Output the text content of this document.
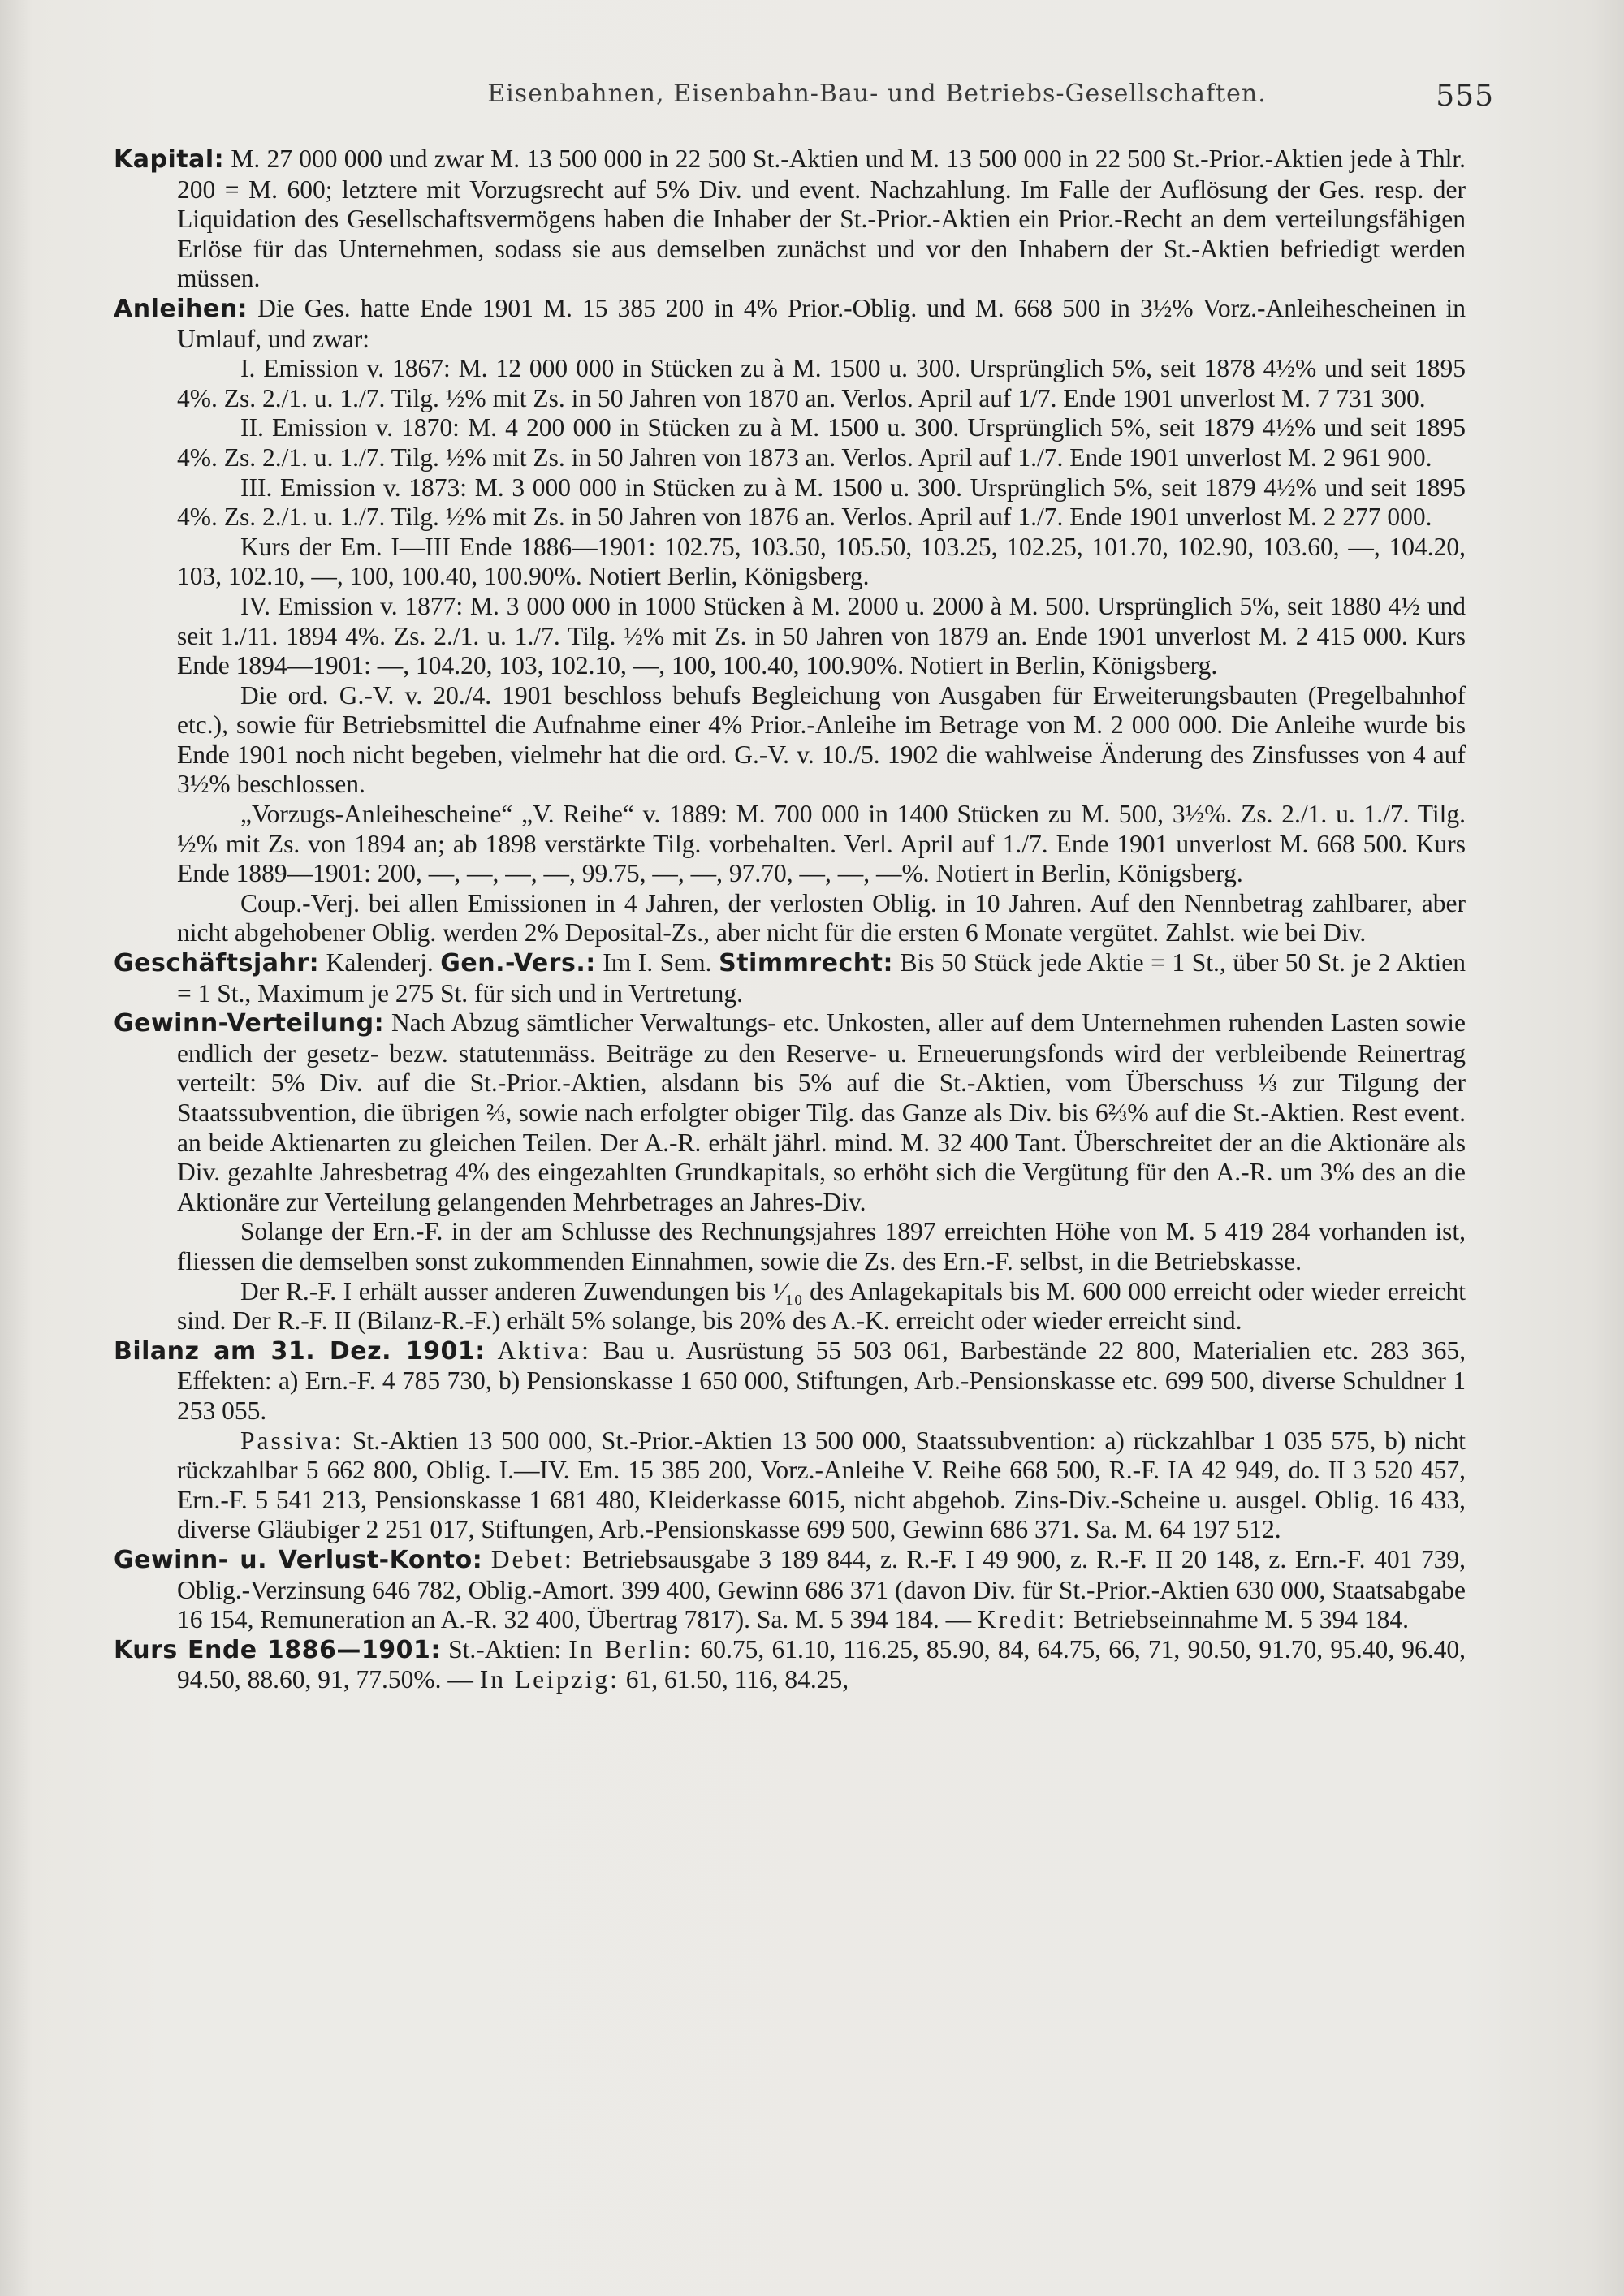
Eisenbahnen, Eisenbahn-Bau- und Betriebs-Gesellschaften.	555
Kapital: M. 27 000 000 und zwar M. 13 500 000 in 22 500 St.-Aktien und M. 13 500 000 in 22 500 St.-Prior.-Aktien jede à Thlr. 200 = M. 600; letztere mit Vorzugsrecht auf 5% Div. und event. Nachzahlung. Im Falle der Auflösung der Ges. resp. der Liquidation des Gesellschaftsvermögens haben die Inhaber der St.-Prior.-Aktien ein Prior.-Recht an dem verteilungsfähigen Erlöse für das Unternehmen, sodass sie aus demselben zunächst und vor den Inhabern der St.-Aktien befriedigt werden müssen.
Anleihen: Die Ges. hatte Ende 1901 M. 15 385 200 in 4% Prior.-Oblig. und M. 668 500 in 3½% Vorz.-Anleihescheinen in Umlauf, und zwar:

I. Emission v. 1867: M. 12 000 000 in Stücken zu à M. 1500 u. 300. Ursprünglich 5%, seit 1878 4½% und seit 1895 4%. Zs. 2./1. u. 1./7. Tilg. ½% mit Zs. in 50 Jahren von 1870 an. Verlos. April auf 1/7. Ende 1901 unverlost M. 7 731 300.

II. Emission v. 1870: M. 4 200 000 in Stücken zu à M. 1500 u. 300. Ursprünglich 5%, seit 1879 4½% und seit 1895 4%. Zs. 2./1. u. 1./7. Tilg. ½% mit Zs. in 50 Jahren von 1873 an. Verlos. April auf 1./7. Ende 1901 unverlost M. 2 961 900.

III. Emission v. 1873: M. 3 000 000 in Stücken zu à M. 1500 u. 300. Ursprünglich 5%, seit 1879 4½% und seit 1895 4%. Zs. 2./1. u. 1./7. Tilg. ½% mit Zs. in 50 Jahren von 1876 an. Verlos. April auf 1./7. Ende 1901 unverlost M. 2 277 000.

Kurs der Em. I—III Ende 1886—1901: 102.75, 103.50, 105.50, 103.25, 102.25, 101.70, 102.90, 103.60, —, 104.20, 103, 102.10, —, 100, 100.40, 100.90%. Notiert Berlin, Königsberg.

IV. Emission v. 1877: M. 3 000 000 in 1000 Stücken à M. 2000 u. 2000 à M. 500. Ursprünglich 5%, seit 1880 4½ und seit 1./11. 1894 4%. Zs. 2./1. u. 1./7. Tilg. ½% mit Zs. in 50 Jahren von 1879 an. Ende 1901 unverlost M. 2 415 000. Kurs Ende 1894—1901: —, 104.20, 103, 102.10, —, 100, 100.40, 100.90%. Notiert in Berlin, Königsberg.

Die ord. G.-V. v. 20./4. 1901 beschloss behufs Begleichung von Ausgaben für Erweiterungsbauten (Pregelbahnhof etc.), sowie für Betriebsmittel die Aufnahme einer 4% Prior.-Anleihe im Betrage von M. 2 000 000. Die Anleihe wurde bis Ende 1901 noch nicht begeben, vielmehr hat die ord. G.-V. v. 10./5. 1902 die wahlweise Änderung des Zinsfusses von 4 auf 3½% beschlossen.

„Vorzugs-Anleihescheine“ „V. Reihe“ v. 1889: M. 700 000 in 1400 Stücken zu M. 500, 3½%. Zs. 2./1. u. 1./7. Tilg. ½% mit Zs. von 1894 an; ab 1898 verstärkte Tilg. vorbehalten. Verl. April auf 1./7. Ende 1901 unverlost M. 668 500. Kurs Ende 1889—1901: 200, —, —, —, —, 99.75, —, —, 97.70, —, —, —%. Notiert in Berlin, Königsberg.

Coup.-Verj. bei allen Emissionen in 4 Jahren, der verlosten Oblig. in 10 Jahren. Auf den Nennbetrag zahlbarer, aber nicht abgehobener Oblig. werden 2% Deposital-Zs., aber nicht für die ersten 6 Monate vergütet. Zahlst. wie bei Div.

Geschäftsjahr: Kalenderj. Gen.-Vers.: Im I. Sem. Stimmrecht: Bis 50 Stück jede Aktie = 1 St., über 50 St. je 2 Aktien = 1 St., Maximum je 275 St. für sich und in Vertretung.
Gewinn-Verteilung: Nach Abzug sämtlicher Verwaltungs- etc. Unkosten, aller auf dem Unternehmen ruhenden Lasten sowie endlich der gesetz- bezw. statutenmäss. Beiträge zu den Reserve- u. Erneuerungsfonds wird der verbleibende Reinertrag verteilt: 5% Div. auf die St.-Prior.-Aktien, alsdann bis 5% auf die St.-Aktien, vom Überschuss ⅓ zur Tilgung der Staatssubvention, die übrigen ⅔, sowie nach erfolgter obiger Tilg. das Ganze als Div. bis 6⅔% auf die St.-Aktien. Rest event. an beide Aktienarten zu gleichen Teilen. Der A.-R. erhält jährl. mind. M. 32 400 Tant. Überschreitet der an die Aktionäre als Div. gezahlte Jahresbetrag 4% des eingezahlten Grundkapitals, so erhöht sich die Vergütung für den A.-R. um 3% des an die Aktionäre zur Verteilung gelangenden Mehrbetrages an Jahres-Div.

Solange der Ern.-F. in der am Schlusse des Rechnungsjahres 1897 erreichten Höhe von M. 5 419 284 vorhanden ist, fliessen die demselben sonst zukommenden Einnahmen, sowie die Zs. des Ern.-F. selbst, in die Betriebskasse.

Der R.-F. I erhält ausser anderen Zuwendungen bis ¹⁄₁₀ des Anlagekapitals bis M. 600 000 erreicht oder wieder erreicht sind. Der R.-F. II (Bilanz-R.-F.) erhält 5% solange, bis 20% des A.-K. erreicht oder wieder erreicht sind.

Bilanz am 31. Dez. 1901: Aktiva: Bau u. Ausrüstung 55 503 061, Barbestände 22 800, Materialien etc. 283 365, Effekten: a) Ern.-F. 4 785 730, b) Pensionskasse 1 650 000, Stiftungen, Arb.-Pensionskasse etc. 699 500, diverse Schuldner 1 253 055.

Passiva: St.-Aktien 13 500 000, St.-Prior.-Aktien 13 500 000, Staatssubvention: a) rückzahlbar 1 035 575, b) nicht rückzahlbar 5 662 800, Oblig. I.—IV. Em. 15 385 200, Vorz.-Anleihe V. Reihe 668 500, R.-F. IA 42 949, do. II 3 520 457, Ern.-F. 5 541 213, Pensionskasse 1 681 480, Kleiderkasse 6015, nicht abgehob. Zins-Div.-Scheine u. ausgel. Oblig. 16 433, diverse Gläubiger 2 251 017, Stiftungen, Arb.-Pensionskasse 699 500, Gewinn 686 371. Sa. M. 64 197 512.

Gewinn- u. Verlust-Konto: Debet: Betriebsausgabe 3 189 844, z. R.-F. I 49 900, z. R.-F. II 20 148, z. Ern.-F. 401 739, Oblig.-Verzinsung 646 782, Oblig.-Amort. 399 400, Gewinn 686 371 (davon Div. für St.-Prior.-Aktien 630 000, Staatsabgabe 16 154, Remuneration an A.-R. 32 400, Übertrag 7817). Sa. M. 5 394 184. — Kredit: Betriebseinnahme M. 5 394 184.
Kurs Ende 1886—1901: St.-Aktien: In Berlin: 60.75, 61.10, 116.25, 85.90, 84, 64.75, 66, 71, 90.50, 91.70, 95.40, 96.40, 94.50, 88.60, 91, 77.50%. — In Leipzig: 61, 61.50, 116, 84.25,
